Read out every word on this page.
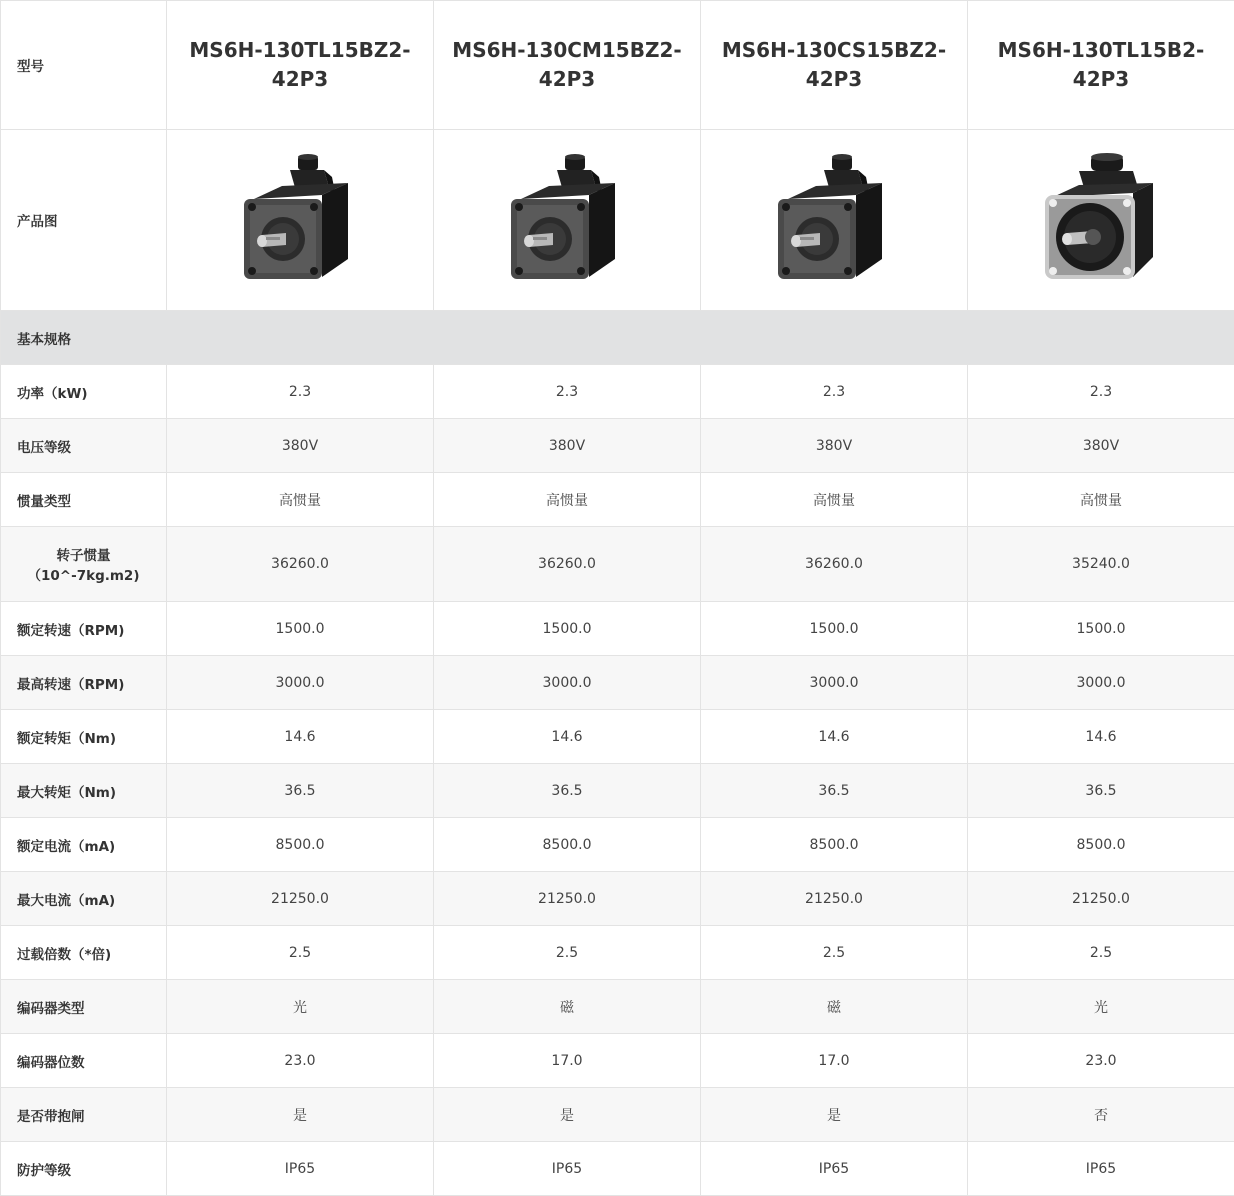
型号	MS6H-130TL15BZ2-42P3	MS6H-130CM15BZ2-42P3	MS6H-130CS15BZ2-42P3	MS6H-130TL15B2-42P3
产品图	

基本规格				
功率（kW)	2.3	2.3	2.3	2.3
电压等级	380V	380V	380V	380V
惯量类型	高惯量	高惯量	高惯量	高惯量
转子惯量（10^-7kg.m2)	36260.0	36260.0	36260.0	35240.0
额定转速（RPM)	1500.0	1500.0	1500.0	1500.0
最高转速（RPM)	3000.0	3000.0	3000.0	3000.0
额定转矩（Nm)	14.6	14.6	14.6	14.6
最大转矩（Nm)	36.5	36.5	36.5	36.5
额定电流（mA)	8500.0	8500.0	8500.0	8500.0
最大电流（mA)	21250.0	21250.0	21250.0	21250.0
过载倍数（*倍)	2.5	2.5	2.5	2.5
编码器类型	光	磁	磁	光
编码器位数	23.0	17.0	17.0	23.0
是否带抱闸	是	是	是	否
防护等级	IP65	IP65	IP65	IP65
